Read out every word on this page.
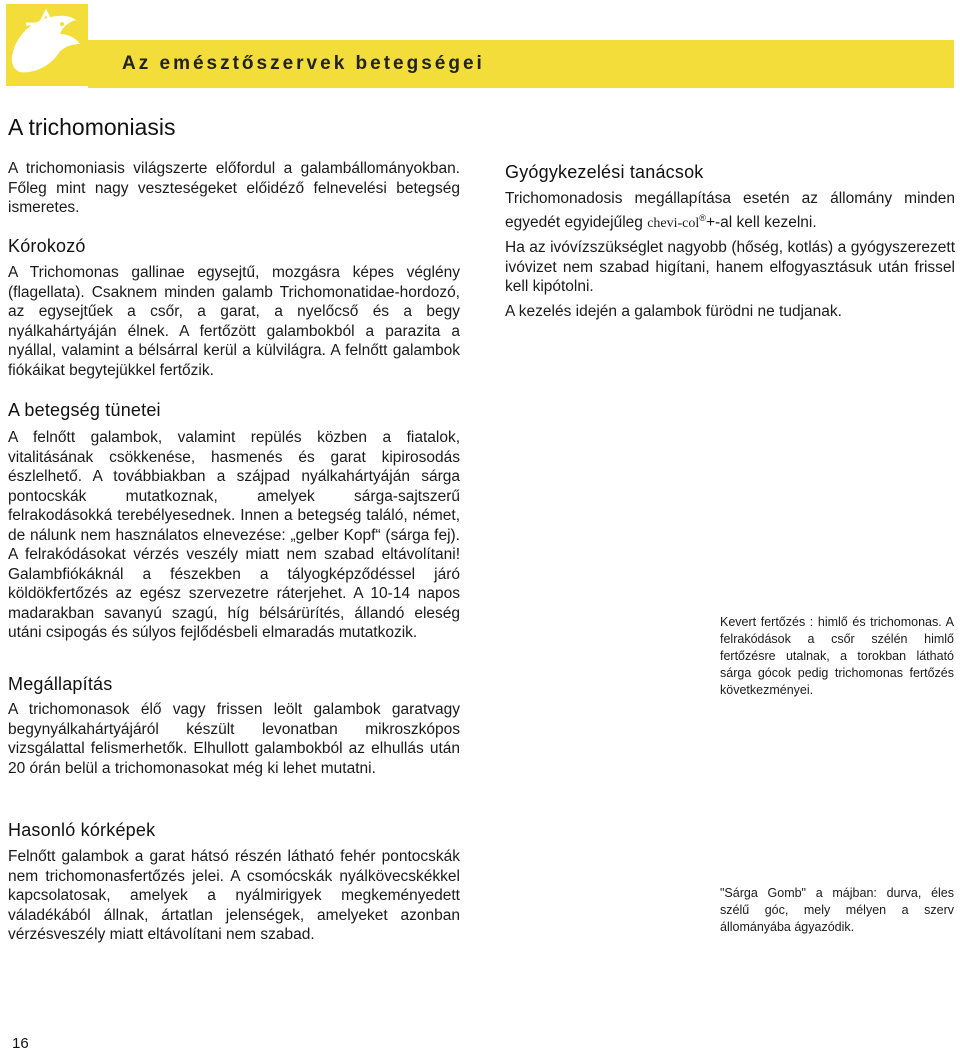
Az emésztőszervek betegségei
A trichomoniasis
A trichomoniasis világszerte előfordul a galambállományokban. Főleg mint nagy veszteségeket előidéző felnevelési betegség ismeretes.
Kórokozó
A Trichomonas gallinae egysejtű, mozgásra képes véglény (flagellata). Csaknem minden galamb Trichomonatidae-hordozó, az egysejtűek a csőr, a garat, a nyelőcső és a begy nyálkahártyáján élnek. A fertőzött galambokból a parazita a nyállal, valamint a bélsárral kerül a külvilágra. A felnőtt galambok fiókáikat begytejükkel fertőzik.
A betegség tünetei
A felnőtt galambok, valamint repülés közben a fiatalok, vitalitásának csökkenése, hasmenés és garat kipirosodás észlelhető. A továbbiakban a szájpad nyálkahártyáján sárga pontocskák mutatkoznak, amelyek sárga-sajtszerű felrakodásokká terebélyesednek. Innen a betegség találó, német, de nálunk nem használatos elnevezése: „gelber Kopf“ (sárga fej). A felrakódásokat vérzés veszély miatt nem szabad eltávolítani! Galambfiókáknál a fészekben a tályogképződéssel járó köldökfertőzés az egész szervezetre ráterjehet. A 10-14 napos madarakban savanyú szagú, híg bélsárürítés, állandó eleség utáni csipogás és súlyos fejlődésbeli elmaradás mutatkozik.
Megállapítás
A trichomonasok élő vagy frissen leölt galambok garatvagy begynyálkahártyájáról készült levonatban mikroszkópos vizsgálattal felismerhetők. Elhullott galambokból az elhullás után 20 órán belül a trichomonasokat még ki lehet mutatni.
Hasonló kórképek
Felnőtt galambok a garat hátsó részén látható fehér pontocskák nem trichomonasfertőzés jelei. A csomócskák nyálkövecskékkel kapcsolatosak, amelyek a nyálmirigyek megkeményedett váladékából állnak, ártatlan jelenségek, amelyeket azonban vérzésveszély miatt eltávolítani nem szabad.
Gyógykezelési tanácsok

Trichomonadosis megállapítása esetén az állomány minden egyedét egyidejűleg chevi-col®+-al kell kezelni.

Ha az ivóvízszükséglet nagyobb (hőség, kotlás) a gyógyszerezett ivóvizet nem szabad higítani, hanem elfogyasztásuk után frissel kell kipótolni.

A kezelés idején a galambok fürödni ne tudjanak.

Kevert fertőzés : himlő és trichomonas. A felrakódások a csőr szélén himlő fertőzésre utalnak, a torokban látható sárga gócok pedig trichomonas fertőzés következményei.
"Sárga Gomb" a májban: durva, éles szélű góc, mely mélyen a szerv állományába ágyazódik.
16
